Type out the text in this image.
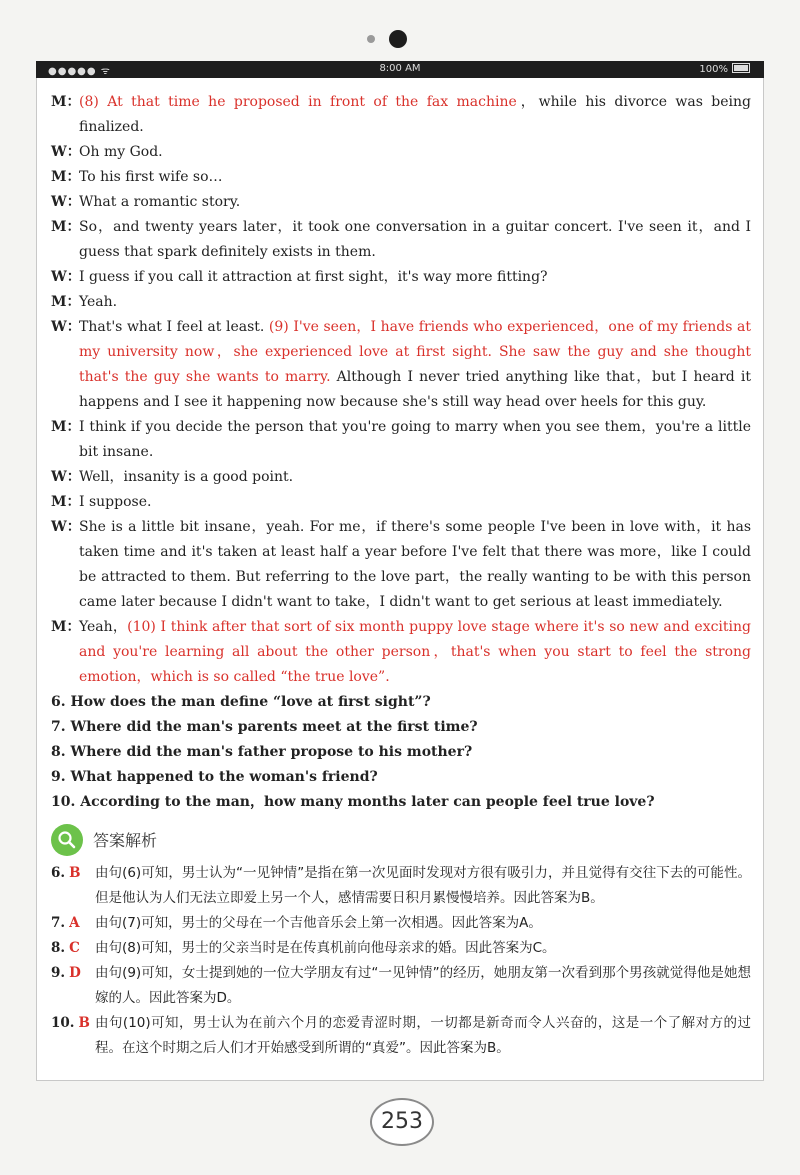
●●●●● ᯤ	8:00 AM	100%
M：
(8) At that time he proposed in front of the fax machine，while his divorce was being finalized.
W：
Oh my God.
M：
To his first wife so…
W：
What a romantic story.
M：
So，and twenty years later，it took one conversation in a guitar concert. I've seen it，and I guess that spark definitely exists in them.
W：
I guess if you call it attraction at first sight，it's way more fitting?
M：
Yeah.
W：
That's what I feel at least. (9) I've seen，I have friends who experienced，one of my friends at my university now，she experienced love at first sight. She saw the guy and she thought that's the guy she wants to marry. Although I never tried anything like that，but I heard it happens and I see it happening now because she's still way head over heels for this guy.
M：
I think if you decide the person that you're going to marry when you see them，you're a little bit insane.
W：
Well，insanity is a good point.
M：
I suppose.
W：
She is a little bit insane，yeah. For me，if there's some people I've been in love with，it has taken time and it's taken at least half a year before I've felt that there was more，like I could be attracted to them. But referring to the love part，the really wanting to be with this person came later because I didn't want to take，I didn't want to get serious at least immediately.
M：
Yeah，(10) I think after that sort of six month puppy love stage where it's so new and exciting and you're learning all about the other person，that's when you start to feel the strong emotion，which is so called “the true love”.
6. How does the man define “love at first sight”?
7. Where did the man's parents meet at the first time?
8. Where did the man's father propose to his mother?
9. What happened to the woman's friend?
10. According to the man，how many months later can people feel true love?
答案解析
6. B	由句(6)可知，男士认为“一见钟情”是指在第一次见面时发现对方很有吸引力，并且觉得有交往下去的可能性。但是他认为人们无法立即爱上另一个人，感情需要日积月累慢慢培养。因此答案为B。
7. A	由句(7)可知，男士的父母在一个吉他音乐会上第一次相遇。因此答案为A。
8. C	由句(8)可知，男士的父亲当时是在传真机前向他母亲求的婚。因此答案为C。
9. D	由句(9)可知，女士提到她的一位大学朋友有过“一见钟情”的经历，她朋友第一次看到那个男孩就觉得他是她想嫁的人。因此答案为D。
10. B 由句(10)可知，男士认为在前六个月的恋爱青涩时期，一切都是新奇而令人兴奋的，这是一个了解对方的过程。在这个时期之后人们才开始感受到所谓的“真爱”。因此答案为B。
253
